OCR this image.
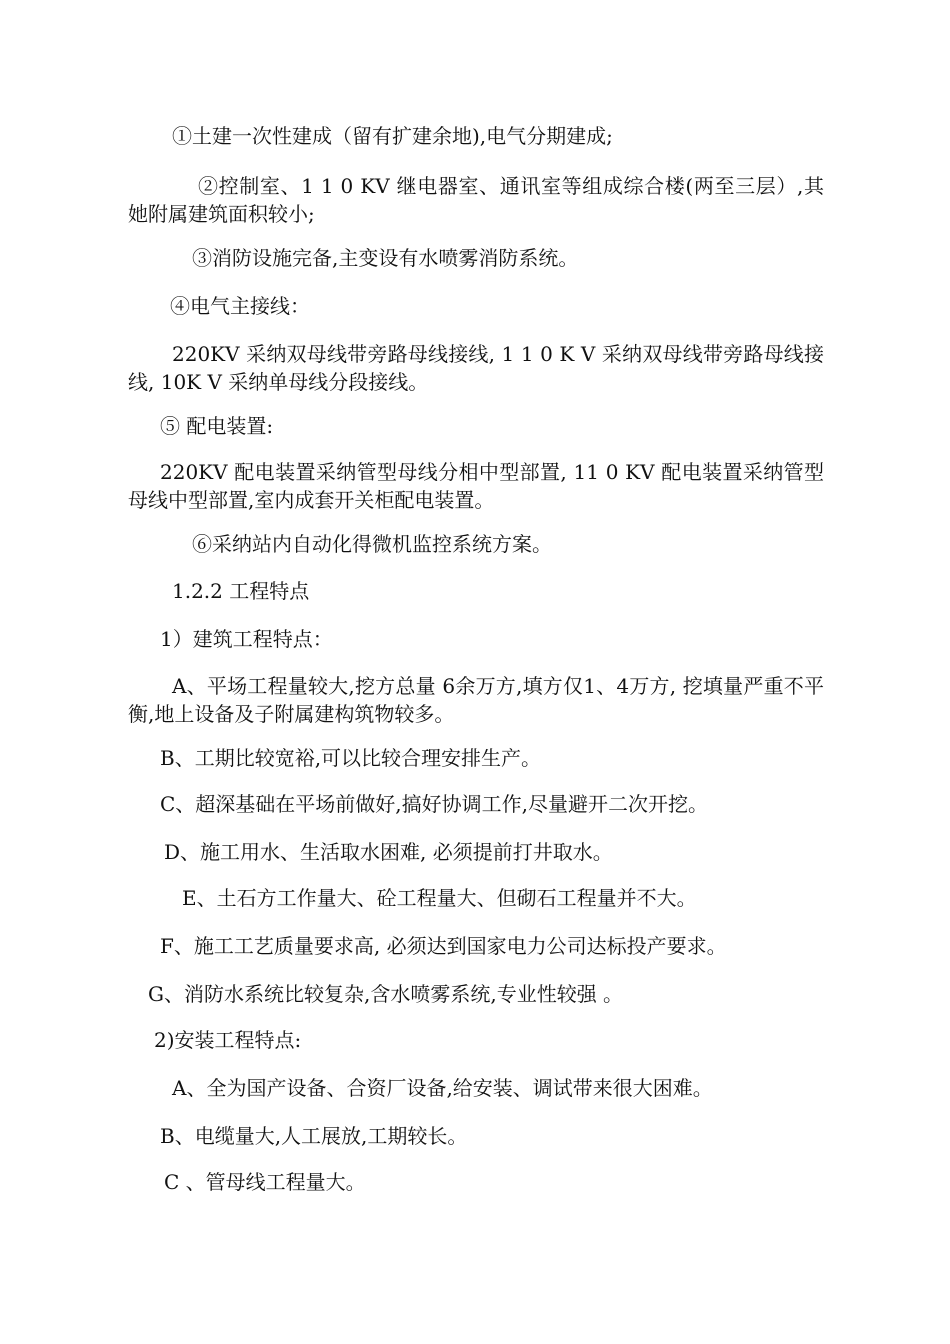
①土建一次性建成（留有扩建余地),电气分期建成;

②控制室、1 1 0 KV 继电器室、通讯室等组成综合楼(两至三层）,其她附属建筑面积较小;

③消防设施完备,主变设有水喷雾消防系统。

④电气主接线：

220KV 采纳双母线带旁路母线接线, 1 1 0 K V 采纳双母线带旁路母线接线, 10K V 采纳单母线分段接线。

⑤ 配电装置:

220KV 配电装置采纳管型母线分相中型部置, 11 0 KV 配电装置采纳管型母线中型部置,室内成套开关柜配电装置。

⑥采纳站内自动化得微机监控系统方案。

1.2.2 工程特点

1）建筑工程特点：

A、平场工程量较大,挖方总量 6余万方,填方仅1、4万方, 挖填量严重不平衡,地上设备及子附属建构筑物较多。

B、工期比较宽裕,可以比较合理安排生产。

C、超深基础在平场前做好,搞好协调工作,尽量避开二次开挖。

D、施工用水、生活取水困难, 必须提前打井取水。

E、土石方工作量大、砼工程量大、但砌石工程量并不大。

F、施工工艺质量要求高, 必须达到国家电力公司达标投产要求。

G、消防水系统比较复杂,含水喷雾系统,专业性较强 。

2)安装工程特点:

A、全为国产设备、合资厂设备,给安装、调试带来很大困难。

B、电缆量大,人工展放,工期较长。

C 、管母线工程量大。
